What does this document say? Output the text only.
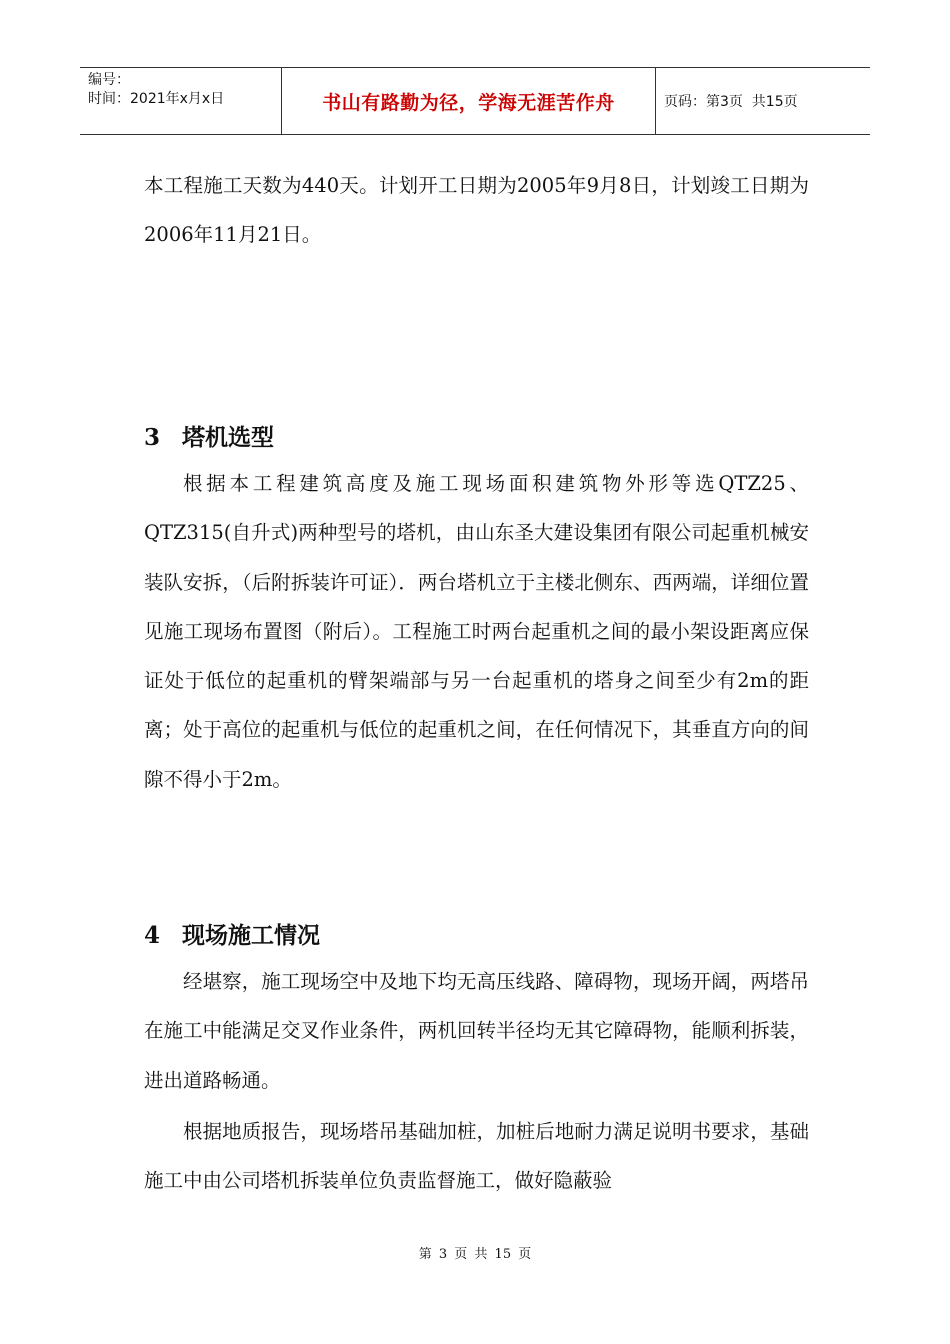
编号：
时间：2021年x月x日	书山有路勤为径，学海无涯苦作舟	页码：第3页  共15页

本工程施工天数为440天。计划开工日期为2005年9月8日，计划竣工日期为2006年11月21日。

3 塔机选型

根据本工程建筑高度及施工现场面积建筑物外形等选QTZ25、QTZ315(自升式)两种型号的塔机，由山东圣大建设集团有限公司起重机械安装队安拆，（后附拆装许可证）．两台塔机立于主楼北侧东、西两端，详细位置见施工现场布置图（附后）。工程施工时两台起重机之间的最小架设距离应保证处于低位的起重机的臂架端部与另一台起重机的塔身之间至少有2m的距离；处于高位的起重机与低位的起重机之间，在任何情况下，其垂直方向的间隙不得小于2m。

4 现场施工情况

经堪察，施工现场空中及地下均无高压线路、障碍物，现场开阔，两塔吊在施工中能满足交叉作业条件，两机回转半径均无其它障碍物，能顺利拆装，进出道路畅通。

根据地质报告，现场塔吊基础加桩，加桩后地耐力满足说明书要求，基础施工中由公司塔机拆装单位负责监督施工，做好隐蔽验

第 3 页 共 15 页
